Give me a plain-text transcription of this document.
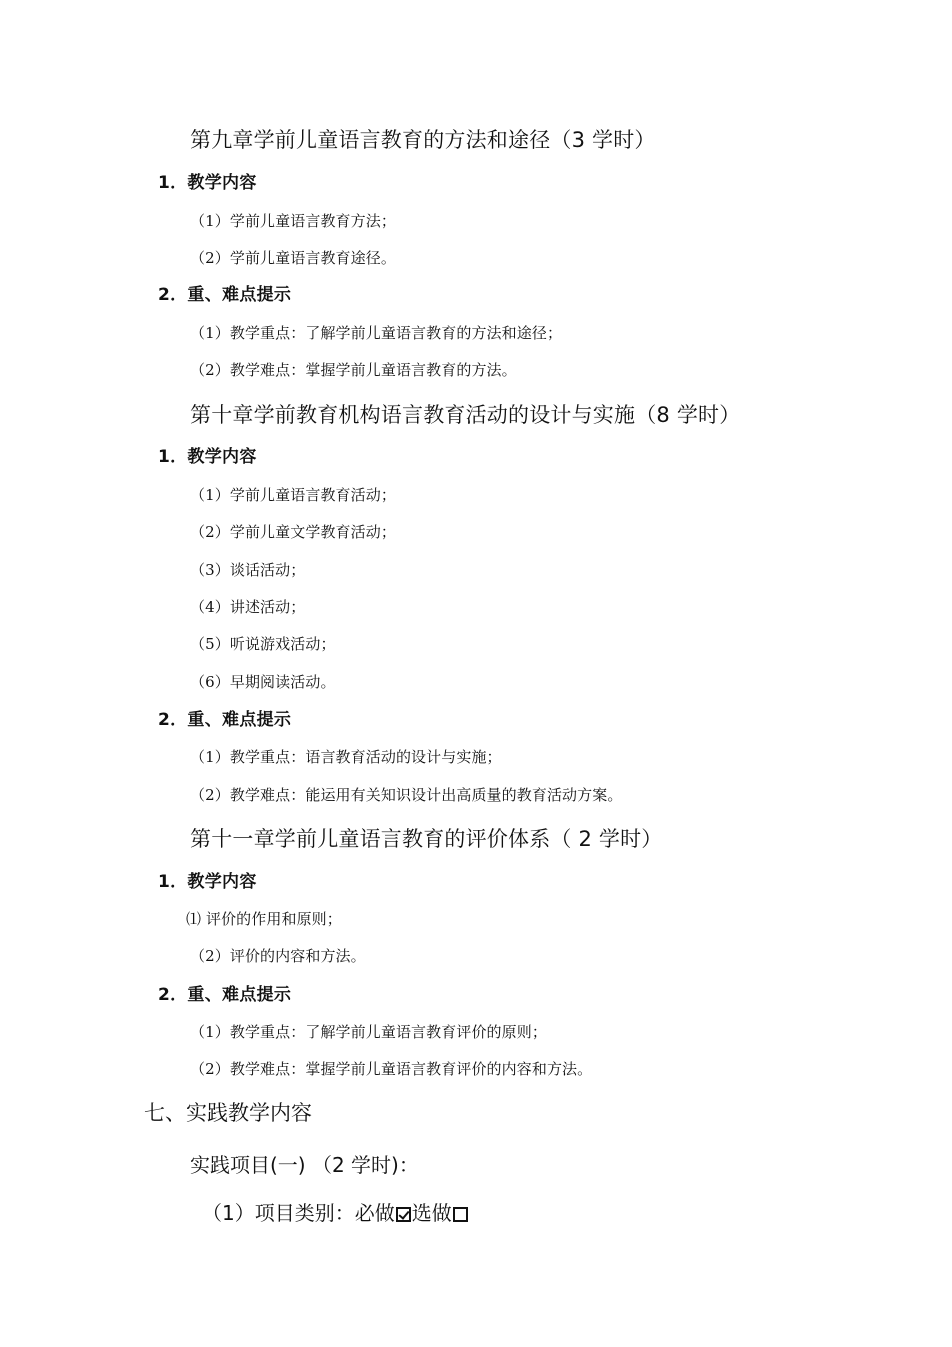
第九章学前儿童语言教育的方法和途径（3 学时）
1．教学内容
（1）学前儿童语言教育方法；
（2）学前儿童语言教育途径。
2．重、难点提示
（1）教学重点：了解学前儿童语言教育的方法和途径；
（2）教学难点：掌握学前儿童语言教育的方法。
第十章学前教育机构语言教育活动的设计与实施（8 学时）
1．教学内容
（1）学前儿童语言教育活动；
（2）学前儿童文学教育活动；
（3）谈话活动；
（4）讲述活动；
（5）听说游戏活动；
（6）早期阅读活动。
2．重、难点提示
（1）教学重点：语言教育活动的设计与实施；
（2）教学难点：能运用有关知识设计出高质量的教育活动方案。
第十一章学前儿童语言教育的评价体系（ 2 学时）
1．教学内容
⑴ 评价的作用和原则；
（2）评价的内容和方法。
2．重、难点提示
（1）教学重点：了解学前儿童语言教育评价的原则；
（2）教学难点：掌握学前儿童语言教育评价的内容和方法。
七、实践教学内容
实践项目(一) （2 学时)：
（1）项目类别：必做 选做
